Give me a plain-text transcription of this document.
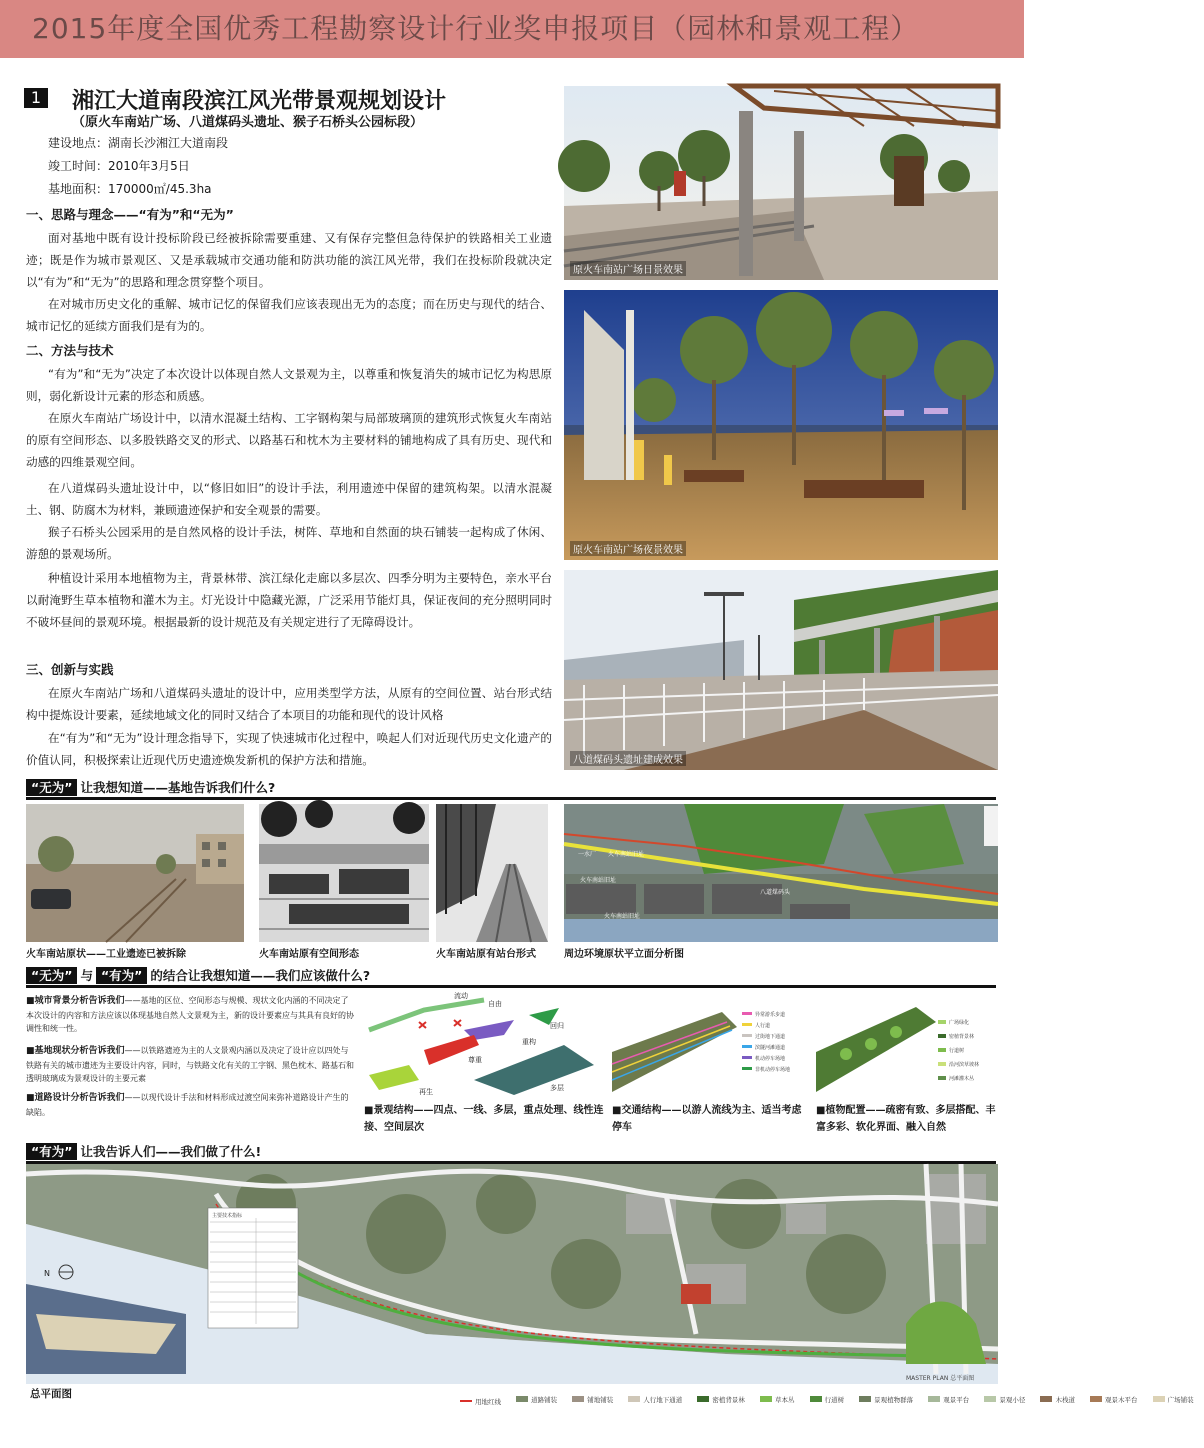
2015年度全国优秀工程勘察设计行业奖申报项目（园林和景观工程）
1	湘江大道南段滨江风光带景观规划设计
（原火车南站广场、八道煤码头遗址、猴子石桥头公园标段）
建设地点：湖南长沙湘江大道南段
竣工时间：2010年3月5日
基地面积：170000㎡/45.3ha
一、思路与理念——“有为”和“无为”
面对基地中既有设计投标阶段已经被拆除需要重建、又有保存完整但急待保护的铁路相关工业遗迹；既是作为城市景观区、又是承载城市交通功能和防洪功能的滨江风光带，我们在投标阶段就决定以“有为”和“无为”的思路和理念贯穿整个项目。
在对城市历史文化的重解、城市记忆的保留我们应该表现出无为的态度；而在历史与现代的结合、城市记忆的延续方面我们是有为的。
二、方法与技术
“有为”和“无为”决定了本次设计以体现自然人文景观为主，以尊重和恢复消失的城市记忆为构思原则，弱化新设计元素的形态和质感。
在原火车南站广场设计中，以清水混凝土结构、工字钢构架与局部玻璃顶的建筑形式恢复火车南站的原有空间形态、以多股铁路交叉的形式、以路基石和枕木为主要材料的铺地构成了具有历史、现代和动感的四维景观空间。
在八道煤码头遗址设计中，以“修旧如旧”的设计手法，利用遗迹中保留的建筑构架。以清水混凝土、钢、防腐木为材料，兼顾遗迹保护和安全观景的需要。
猴子石桥头公园采用的是自然风格的设计手法，树阵、草地和自然面的块石铺装一起构成了休闲、游憩的景观场所。
种植设计采用本地植物为主，背景林带、滨江绿化走廊以多层次、四季分明为主要特色，亲水平台以耐淹野生草本植物和灌木为主。灯光设计中隐藏光源，广泛采用节能灯具，保证夜间的充分照明同时不破坏昼间的景观环境。根据最新的设计规范及有关规定进行了无障碍设计。
三、创新与实践
在原火车南站广场和八道煤码头遗址的设计中，应用类型学方法，从原有的空间位置、站台形式结构中提炼设计要素，延续地域文化的同时又结合了本项目的功能和现代的设计风格
在“有为”和“无为”设计理念指导下，实现了快速城市化过程中，唤起人们对近现代历史文化遗产的价值认同，积极探索让近现代历史遗迹焕发新机的保护方法和措施。
原火车南站广场日景效果
原火车南站广场夜景效果
八道煤码头遗址建成效果
“无为” 让我想知道——基地告诉我们什么?
一水厂 火车南站旧址
火车南站旧址
八道煤码头
火车南站旧址
火车南站原状——工业遗迹已被拆除	火车南站原有空间形态	火车南站原有站台形式	周边环境原状平立面分析图
“无为” 与 “有为” 的结合让我想知道——我们应该做什么?
■城市背景分析告诉我们——基地的区位、空间形态与规模、现状文化内涵的不同决定了本次设计的内容和方法应该以体现基地自然人文景观为主，新的设计要素应与其具有良好的协调性和统一性。
■基地现状分析告诉我们——以铁路遗迹为主的人文景观内涵以及决定了设计应以四处与铁路有关的城市遗迹为主要设计内容，同时，与铁路文化有关的工字钢、黑色枕木、路基石和透明玻璃成为景观设计的主要元素
■道路设计分析告诉我们——以现代设计手法和材料形成过渡空间来弥补道路设计产生的缺陷。
流动
自由
回归
重构
尊重
再生	多层
异常游乐步道
人行道
过街地下通道
滨隧河滩通道
机动停车场地
非机动停车场地
广场绿化
密植背景林
行道树
沿河滨草坡林
河滩灌木丛
■景观结构——四点、一线、多层，重点处理、线性连接、空间层次
■交通结构——以游人流线为主、适当考虑停车
■植物配置——疏密有致、多层搭配、丰富多彩、软化界面、融入自然
“有为” 让我告诉人们——我们做了什么!
主要技术指标
N
MASTER PLAN 总平面图
总平面图
用地红线
	道路铺装
	铺地铺装
	人行地下通道
	密植背景林
	草本丛
	行道树
	景观植物群落
	观景平台
	景观小径
	木栈道
	观景木平台
	广场铺装
